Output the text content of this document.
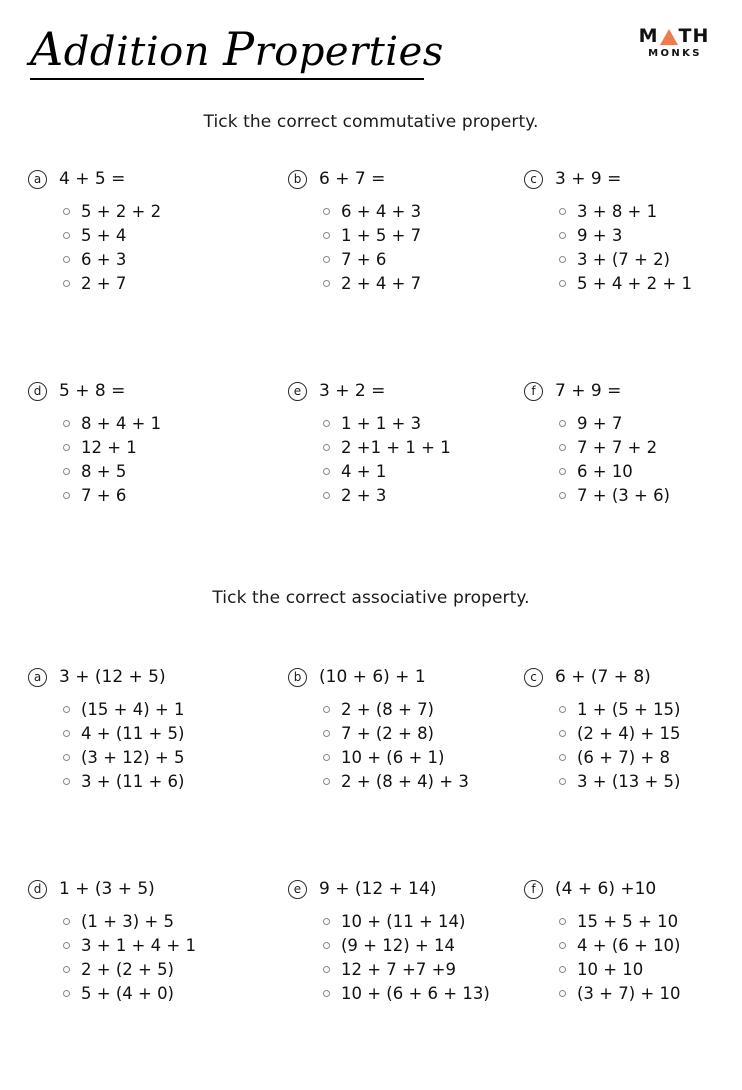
Addition Properties	M TH
MONKS
Tick the correct commutative property.
a	4 + 5 =
5 + 2 + 2
5 + 4
6 + 3
2 + 7
b	6 + 7 =
6 + 4 + 3
1 + 5 + 7
7 + 6
2 + 4 + 7
c	3 + 9 =
3 + 8 + 1
9 + 3
3 + (7 + 2)
5 + 4 + 2 + 1
d	5 + 8 =
8 + 4 + 1
12 + 1
8 + 5
7 + 6
e	3 + 2 =
1 + 1 + 3
2 +1 + 1 + 1
4 + 1
2 + 3
f	7 + 9 =
9 + 7
7 + 7 + 2
6 + 10
7 + (3 + 6)
Tick the correct associative property.
a	3 + (12 + 5)
(15 + 4) + 1
4 + (11 + 5)
(3 + 12) + 5
3 + (11 + 6)
b	(10 + 6) + 1
2 + (8 + 7)
7 + (2 + 8)
10 + (6 + 1)
2 + (8 + 4) + 3
c	6 + (7 + 8)
1 + (5 + 15)
(2 + 4) + 15
(6 + 7) + 8
3 + (13 + 5)
d	1 + (3 + 5)
(1 + 3) + 5
3 + 1 + 4 + 1
2 + (2 + 5)
5 + (4 + 0)
e	9 + (12 + 14)
10 + (11 + 14)
(9 + 12) + 14
12 + 7 +7 +9
10 + (6 + 6 + 13)
f	(4 + 6) +10
15 + 5 + 10
4 + (6 + 10)
10 + 10
(3 + 7) + 10
